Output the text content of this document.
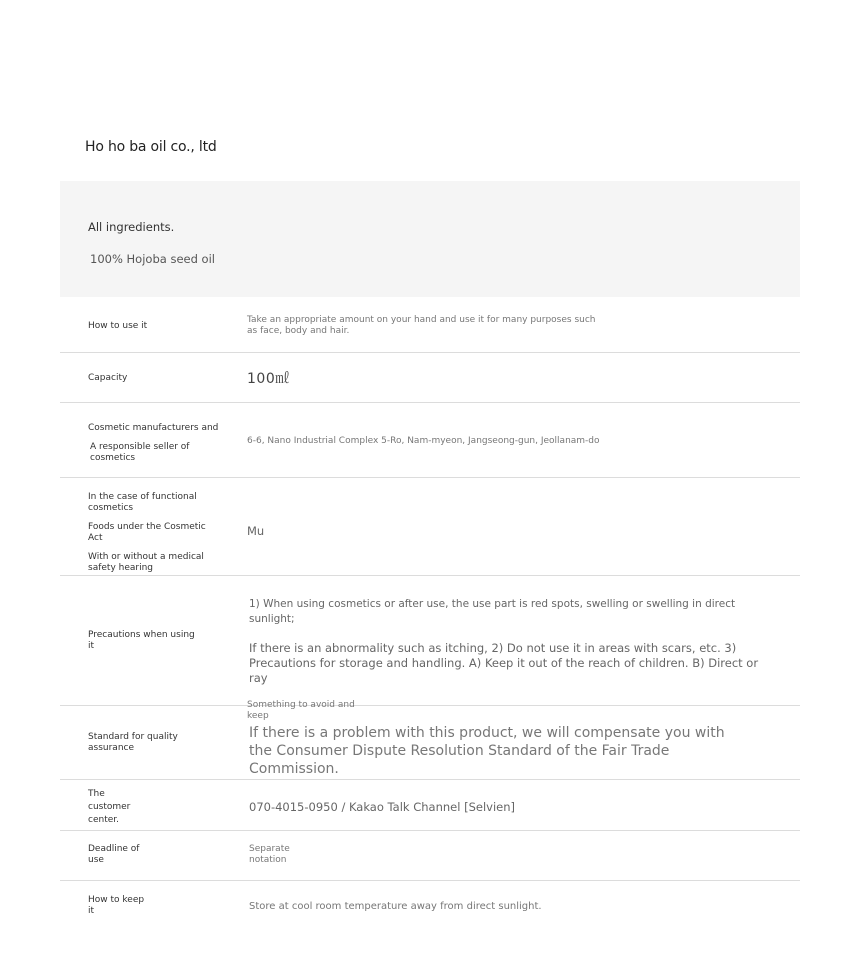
Ho ho ba oil co., ltd
All ingredients.
100% Hojoba seed oil
How to use it
Take an appropriate amount on your hand and use it for many purposes such as face, body and hair.
Capacity	100㎖
Cosmetic manufacturers and
A responsible seller of cosmetics
6-6, Nano Industrial Complex 5-Ro, Nam-myeon, Jangseong-gun, Jeollanam-do
In the case of functional cosmetics
Foods under the Cosmetic Act
With or without a medical safety hearing
Mu
Precautions when using it
1) When using cosmetics or after use, the use part is red spots, swelling or swelling in direct sunlight;
If there is an abnormality such as itching, 2) Do not use it in areas with scars, etc. 3) Precautions for storage and handling. A) Keep it out of the reach of children. B) Direct or ray
Something to avoid and keep
Standard for quality assurance
If there is a problem with this product, we will compensate you with the Consumer Dispute Resolution Standard of the Fair Trade Commission.
The customer center.
070-4015-0950 / Kakao Talk Channel [Selvien]
Deadline of use
Separate notation
How to keep it	Store at cool room temperature away from direct sunlight.
